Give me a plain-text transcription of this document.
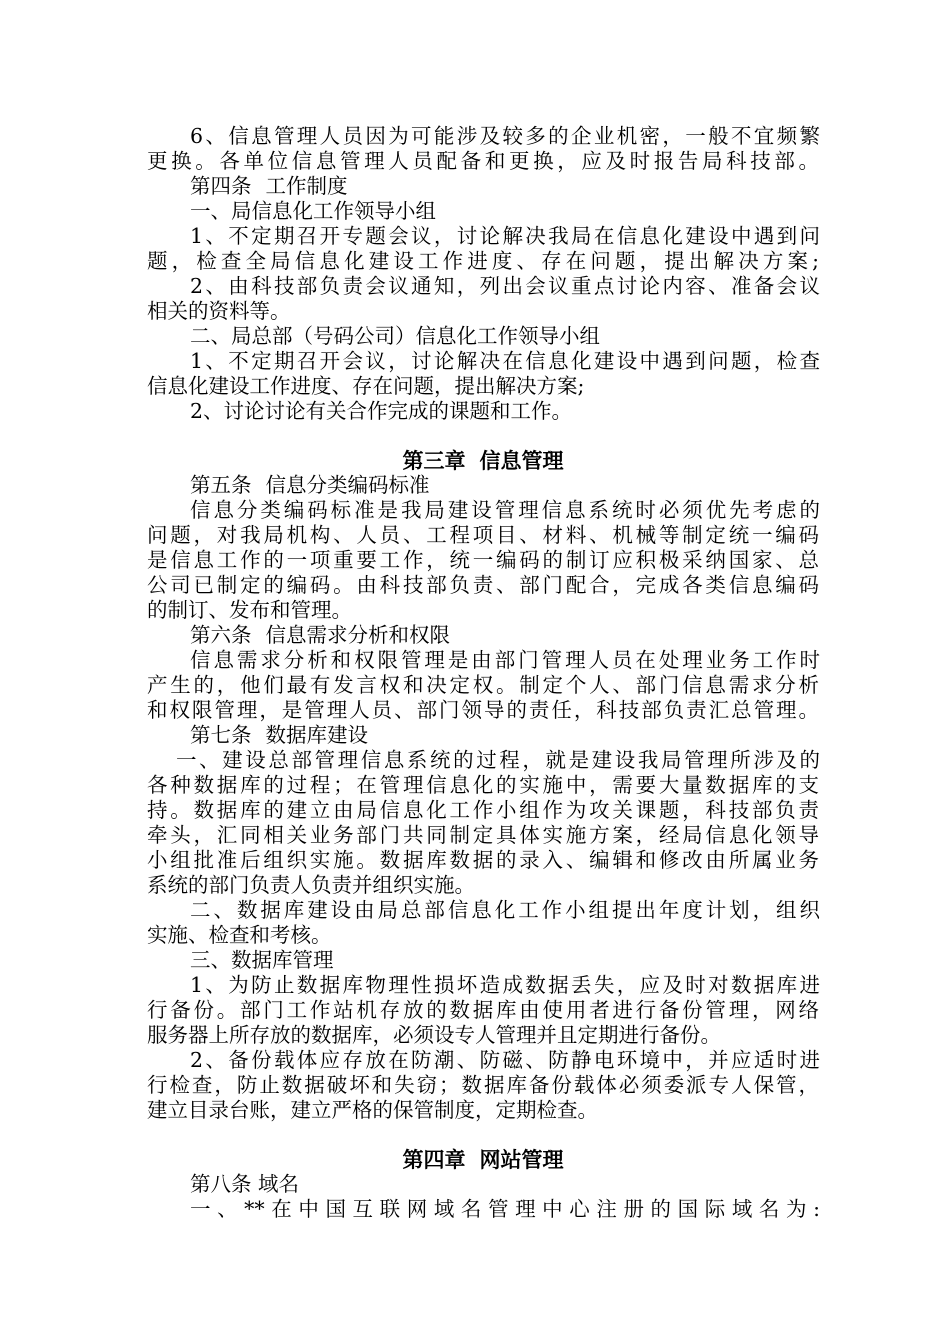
6、信息管理人员因为可能涉及较多的企业机密，一般不宜频繁
更换。各单位信息管理人员配备和更换，应及时报告局科技部。
第四条 工作制度
一、局信息化工作领导小组
1、不定期召开专题会议，讨论解决我局在信息化建设中遇到问
题，检查全局信息化建设工作进度、存在问题，提出解决方案;
2、由科技部负责会议通知，列出会议重点讨论内容、准备会议
相关的资料等。
二、局总部（号码公司）信息化工作领导小组
1、不定期召开会议，讨论解决在信息化建设中遇到问题，检查
信息化建设工作进度、存在问题，提出解决方案;
2、讨论讨论有关合作完成的课题和工作。
第三章 信息管理
第五条 信息分类编码标准
信息分类编码标准是我局建设管理信息系统时必须优先考虑的
问题，对我局机构、人员、工程项目、材料、机械等制定统一编码
是信息工作的一项重要工作，统一编码的制订应积极采纳国家、总
公司已制定的编码。由科技部负责、部门配合，完成各类信息编码
的制订、发布和管理。
第六条 信息需求分析和权限
信息需求分析和权限管理是由部门管理人员在处理业务工作时
产生的，他们最有发言权和决定权。制定个人、部门信息需求分析
和权限管理，是管理人员、部门领导的责任，科技部负责汇总管理。
第七条 数据库建设
一、建设总部管理信息系统的过程，就是建设我局管理所涉及的
各种数据库的过程；在管理信息化的实施中，需要大量数据库的支
持。数据库的建立由局信息化工作小组作为攻关课题，科技部负责
牵头，汇同相关业务部门共同制定具体实施方案，经局信息化领导
小组批准后组织实施。数据库数据的录入、编辑和修改由所属业务
系统的部门负责人负责并组织实施。
二、数据库建设由局总部信息化工作小组提出年度计划，组织
实施、检查和考核。
三、数据库管理
1、为防止数据库物理性损坏造成数据丢失，应及时对数据库进
行备份。部门工作站机存放的数据库由使用者进行备份管理，网络
服务器上所存放的数据库，必须设专人管理并且定期进行备份。
2、备份载体应存放在防潮、防磁、防静电环境中，并应适时进
行检查，防止数据破坏和失窃；数据库备份载体必须委派专人保管，
建立目录台账，建立严格的保管制度，定期检查。
第四章 网站管理
第八条 域名
一、**在中国互联网域名管理中心注册的国际域名为:
